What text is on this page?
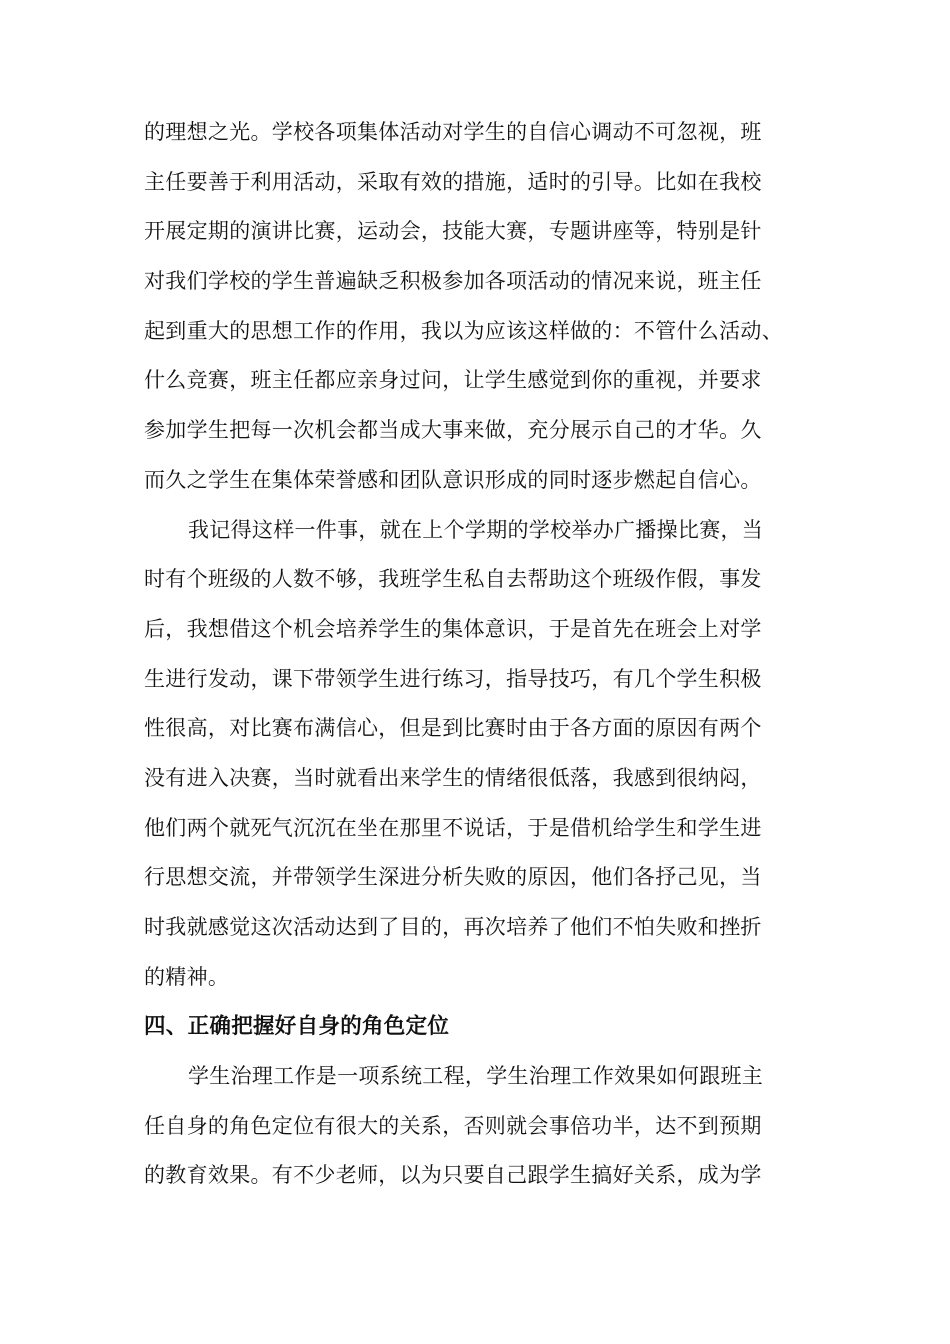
的理想之光。学校各项集体活动对学生的自信心调动不可忽视，班
主任要善于利用活动，采取有效的措施，适时的引导。比如在我校
开展定期的演讲比赛，运动会，技能大赛，专题讲座等，特别是针
对我们学校的学生普遍缺乏积极参加各项活动的情况来说，班主任
起到重大的思想工作的作用，我以为应该这样做的：不管什么活动、
什么竞赛，班主任都应亲身过问，让学生感觉到你的重视，并要求
参加学生把每一次机会都当成大事来做，充分展示自己的才华。久
而久之学生在集体荣誉感和团队意识形成的同时逐步燃起自信心。
我记得这样一件事，就在上个学期的学校举办广播操比赛，当
时有个班级的人数不够，我班学生私自去帮助这个班级作假，事发
后，我想借这个机会培养学生的集体意识，于是首先在班会上对学
生进行发动，课下带领学生进行练习，指导技巧，有几个学生积极
性很高，对比赛布满信心，但是到比赛时由于各方面的原因有两个
没有进入决赛，当时就看出来学生的情绪很低落，我感到很纳闷，
他们两个就死气沉沉在坐在那里不说话，于是借机给学生和学生进
行思想交流，并带领学生深进分析失败的原因，他们各抒己见，当
时我就感觉这次活动达到了目的，再次培养了他们不怕失败和挫折
的精神。
四、正确把握好自身的角色定位
学生治理工作是一项系统工程，学生治理工作效果如何跟班主
任自身的角色定位有很大的关系，否则就会事倍功半，达不到预期
的教育效果。有不少老师，以为只要自己跟学生搞好关系，成为学
